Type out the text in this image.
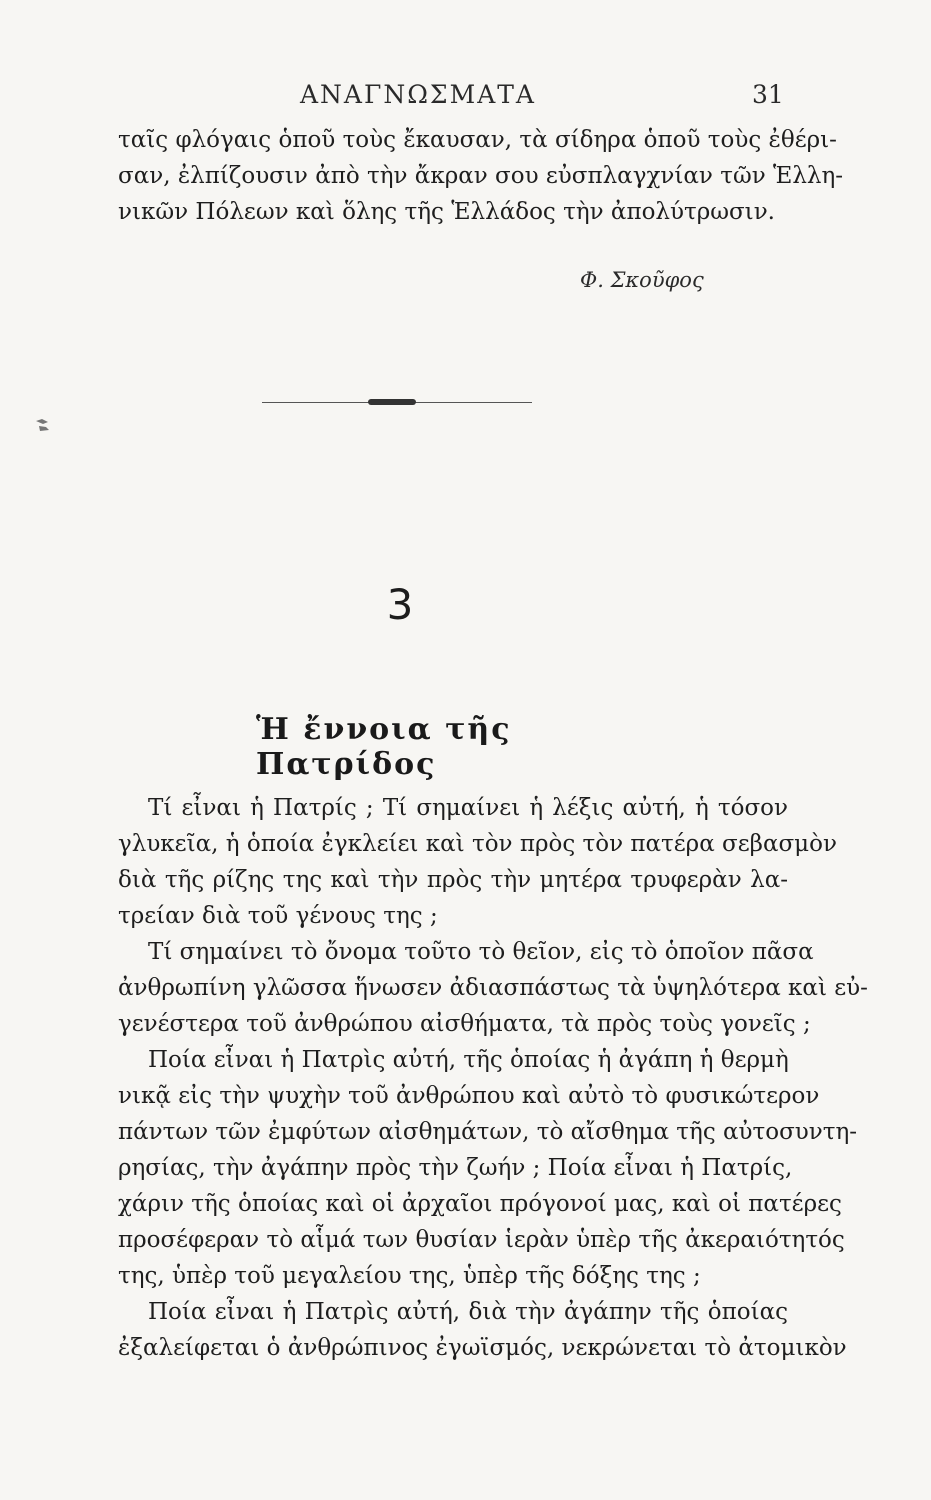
ΑΝΑΓΝΩΣΜΑΤΑ	31
ταῖς φλόγαις ὁποῦ τοὺς ἔκαυσαν, τὰ σίδηρα ὁποῦ τοὺς ἐθέρι-
σαν, ἐλπίζουσιν ἀπὸ τὴν ἄκραν σου εὐσπλαγχνίαν τῶν Ἑλλη-
νικῶν Πόλεων καὶ ὅλης τῆς Ἑλλάδος τὴν ἀπολύτρωσιν.
Φ. Σκοῦφος
3
Ἡ ἔννοια τῆς Πατρίδος
Τί εἶναι ἡ Πατρίς ; Τί σημαίνει ἡ λέξις αὐτή, ἡ τόσον
γλυκεῖα, ἡ ὁποία ἐγκλείει καὶ τὸν πρὸς τὸν πατέρα σεβασμὸν
διὰ τῆς ρίζης της καὶ τὴν πρὸς τὴν μητέρα τρυφερὰν λα-
τρείαν διὰ τοῦ γένους της ;
Τί σημαίνει τὸ ὄνομα τοῦτο τὸ θεῖον, εἰς τὸ ὁποῖον πᾶσα
ἀνθρωπίνη γλῶσσα ἥνωσεν ἀδιασπάστως τὰ ὑψηλότερα καὶ εὐ-
γενέστερα τοῦ ἀνθρώπου αἰσθήματα, τὰ πρὸς τοὺς γονεῖς ;
Ποία εἶναι ἡ Πατρὶς αὐτή, τῆς ὁποίας ἡ ἀγάπη ἡ θερμὴ
νικᾷ εἰς τὴν ψυχὴν τοῦ ἀνθρώπου καὶ αὐτὸ τὸ φυσικώτερον
πάντων τῶν ἐμφύτων αἰσθημάτων, τὸ αἴσθημα τῆς αὐτοσυντη-
ρησίας, τὴν ἀγάπην πρὸς τὴν ζωήν ; Ποία εἶναι ἡ Πατρίς,
χάριν τῆς ὁποίας καὶ οἱ ἀρχαῖοι πρόγονοί μας, καὶ οἱ πατέρες
προσέφεραν τὸ αἷμά των θυσίαν ἱερὰν ὑπὲρ τῆς ἀκεραιότητός
της, ὑπὲρ τοῦ μεγαλείου της, ὑπὲρ τῆς δόξης της ;
Ποία εἶναι ἡ Πατρὶς αὐτή, διὰ τὴν ἀγάπην τῆς ὁποίας
ἐξαλείφεται ὁ ἀνθρώπινος ἐγωϊσμός, νεκρώνεται τὸ ἀτομικὸν
